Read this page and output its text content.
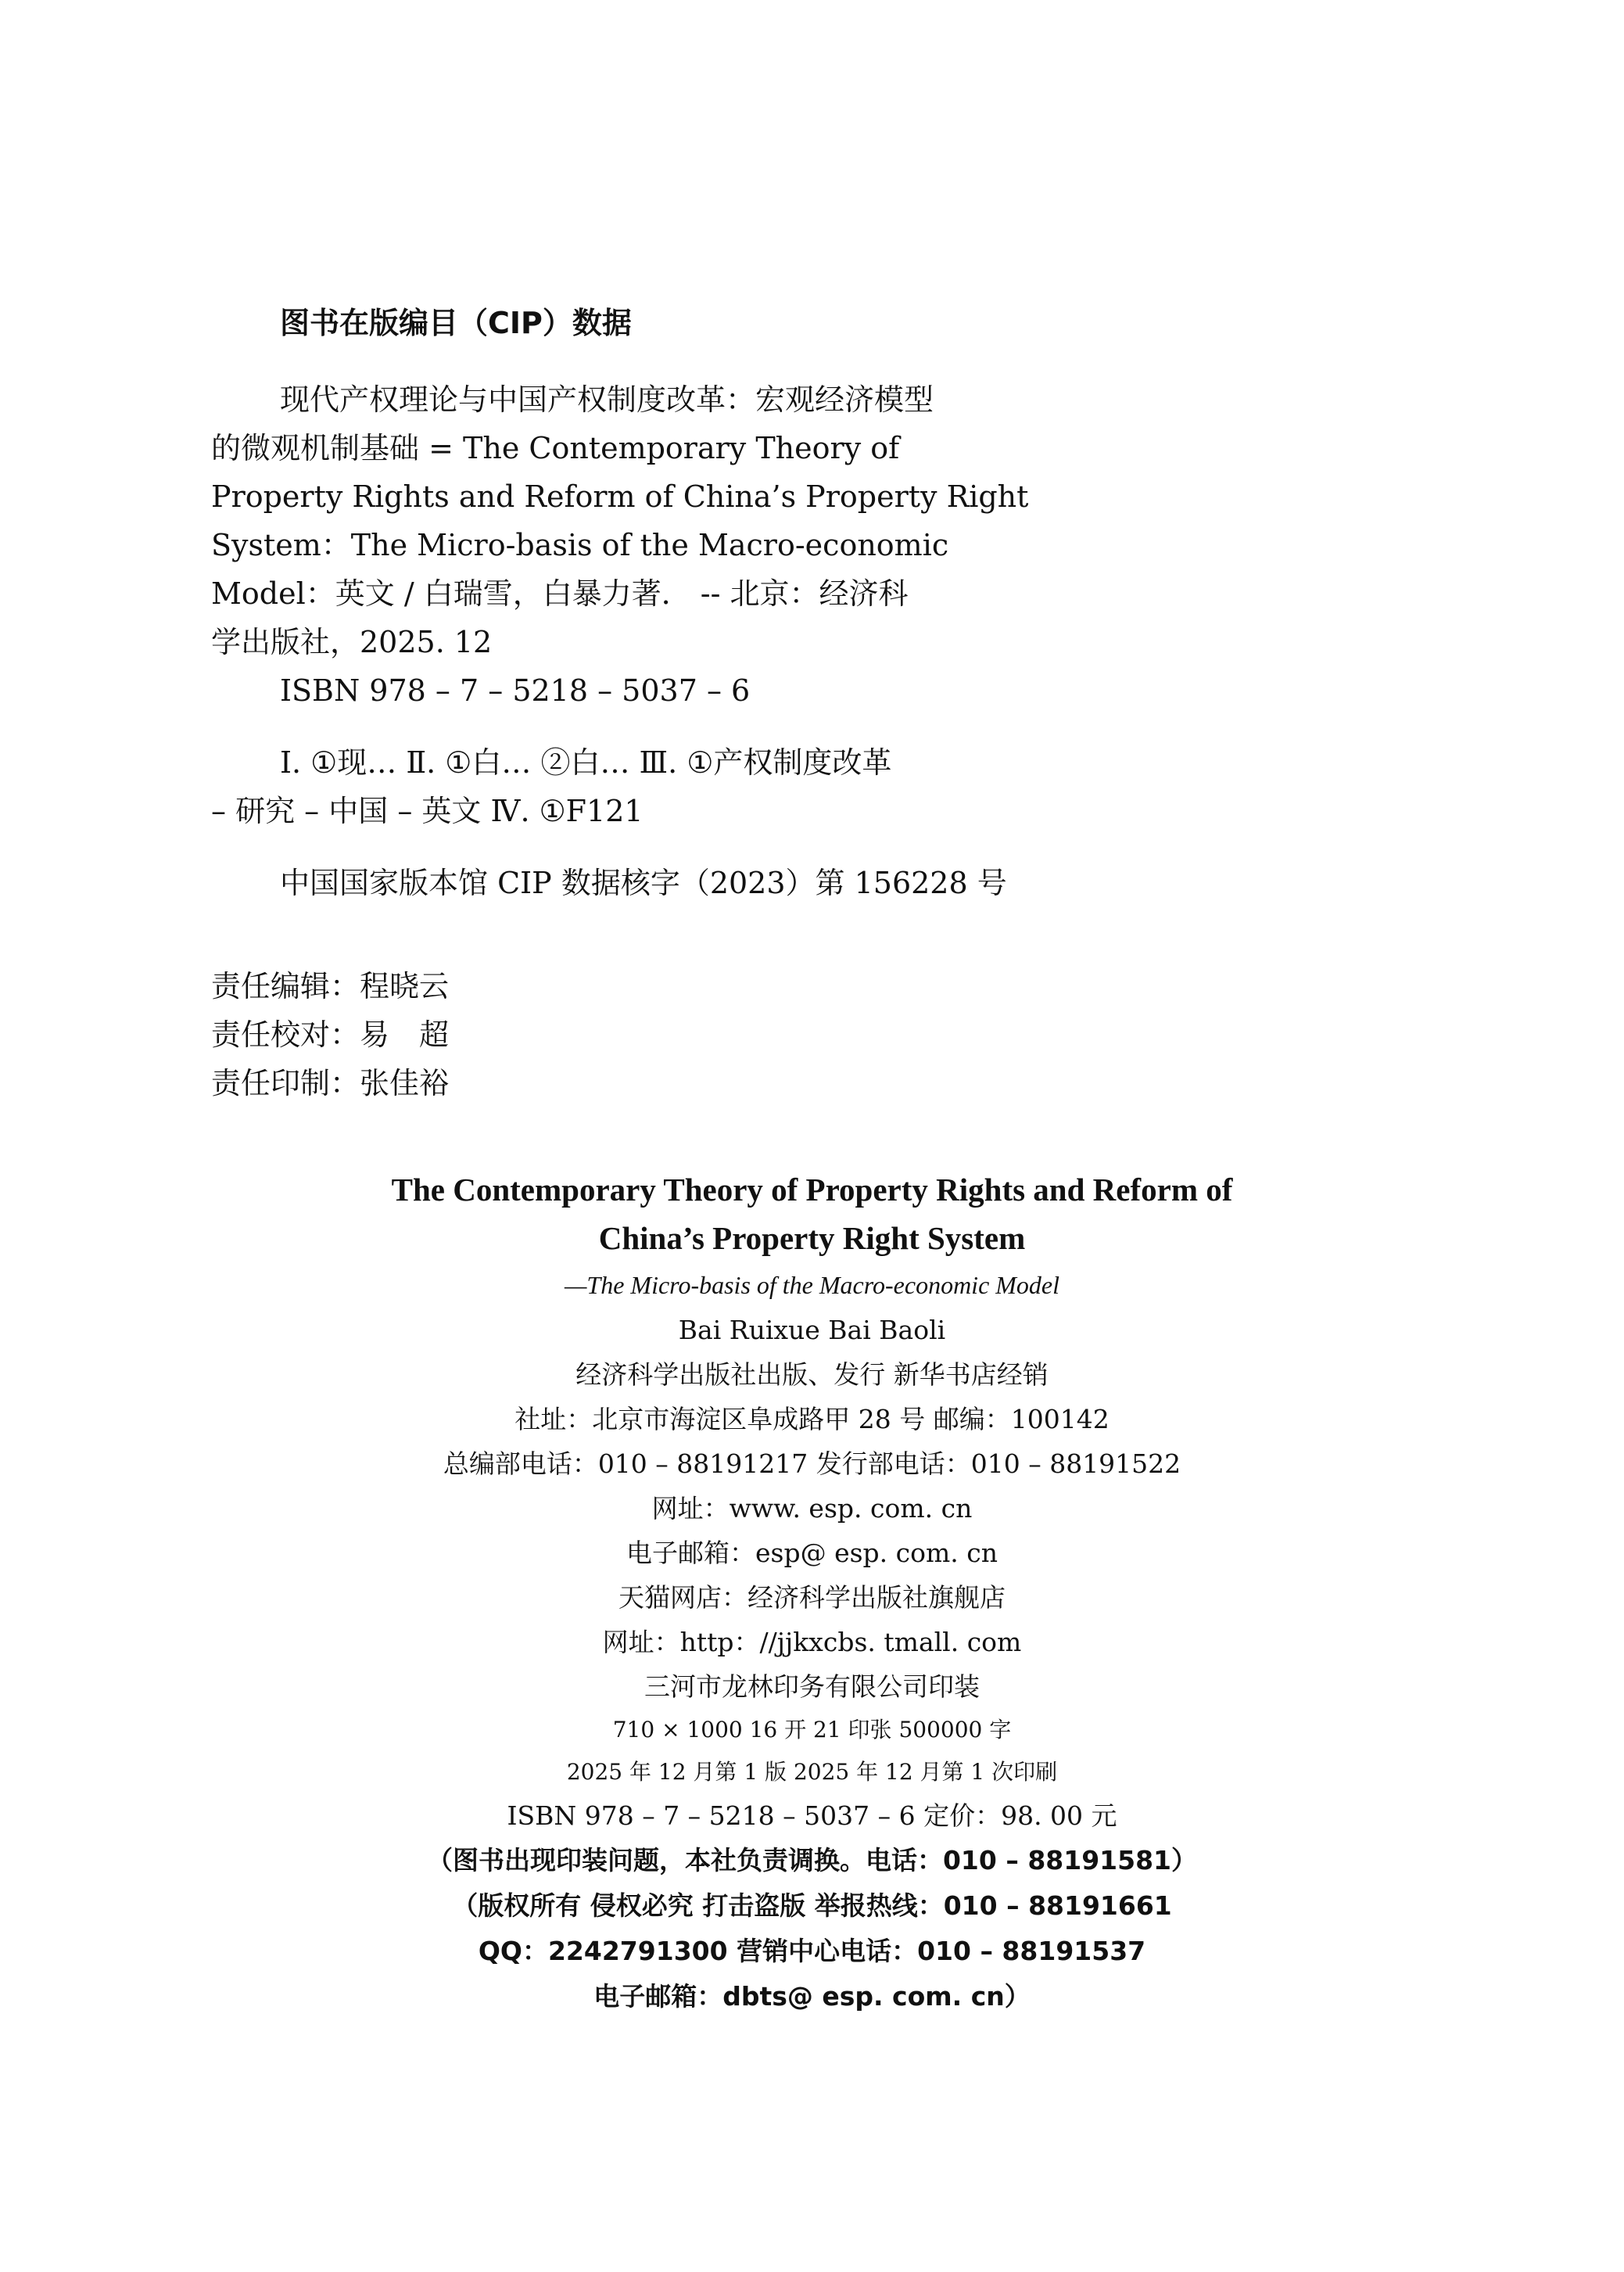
图书在版编目（CIP）数据
现代产权理论与中国产权制度改革：宏观经济模型
的微观机制基础 = The Contemporary Theory of
Property Rights and Reform of China’s Property Right
System：The Micro-basis of the Macro-economic
Model：英文 / 白瑞雪，白暴力著． -- 北京：经济科
学出版社，2025. 12
ISBN 978 – 7 – 5218 – 5037 – 6
Ⅰ. ①现… Ⅱ. ①白… ②白… Ⅲ. ①产权制度改革
– 研究 – 中国 – 英文 Ⅳ. ①F121
中国国家版本馆 CIP 数据核字（2023）第 156228 号
责任编辑：程晓云
责任校对：易　超
责任印制：张佳裕
The Contemporary Theory of Property Rights and Reform of
China’s Property Right System
—The Micro-basis of the Macro-economic Model
Bai Ruixue Bai Baoli
经济科学出版社出版、发行 新华书店经销
社址：北京市海淀区阜成路甲 28 号 邮编：100142
总编部电话：010 – 88191217 发行部电话：010 – 88191522
网址：www. esp. com. cn
电子邮箱：esp@ esp. com. cn
天猫网店：经济科学出版社旗舰店
网址：http：//jjkxcbs. tmall. com
三河市龙林印务有限公司印装
710 × 1000 16 开 21 印张 500000 字
2025 年 12 月第 1 版 2025 年 12 月第 1 次印刷
ISBN 978 – 7 – 5218 – 5037 – 6 定价：98. 00 元
（图书出现印装问题，本社负责调换。电话：010 – 88191581）
（版权所有 侵权必究 打击盗版 举报热线：010 – 88191661
QQ：2242791300 营销中心电话：010 – 88191537
电子邮箱：dbts@ esp. com. cn）
